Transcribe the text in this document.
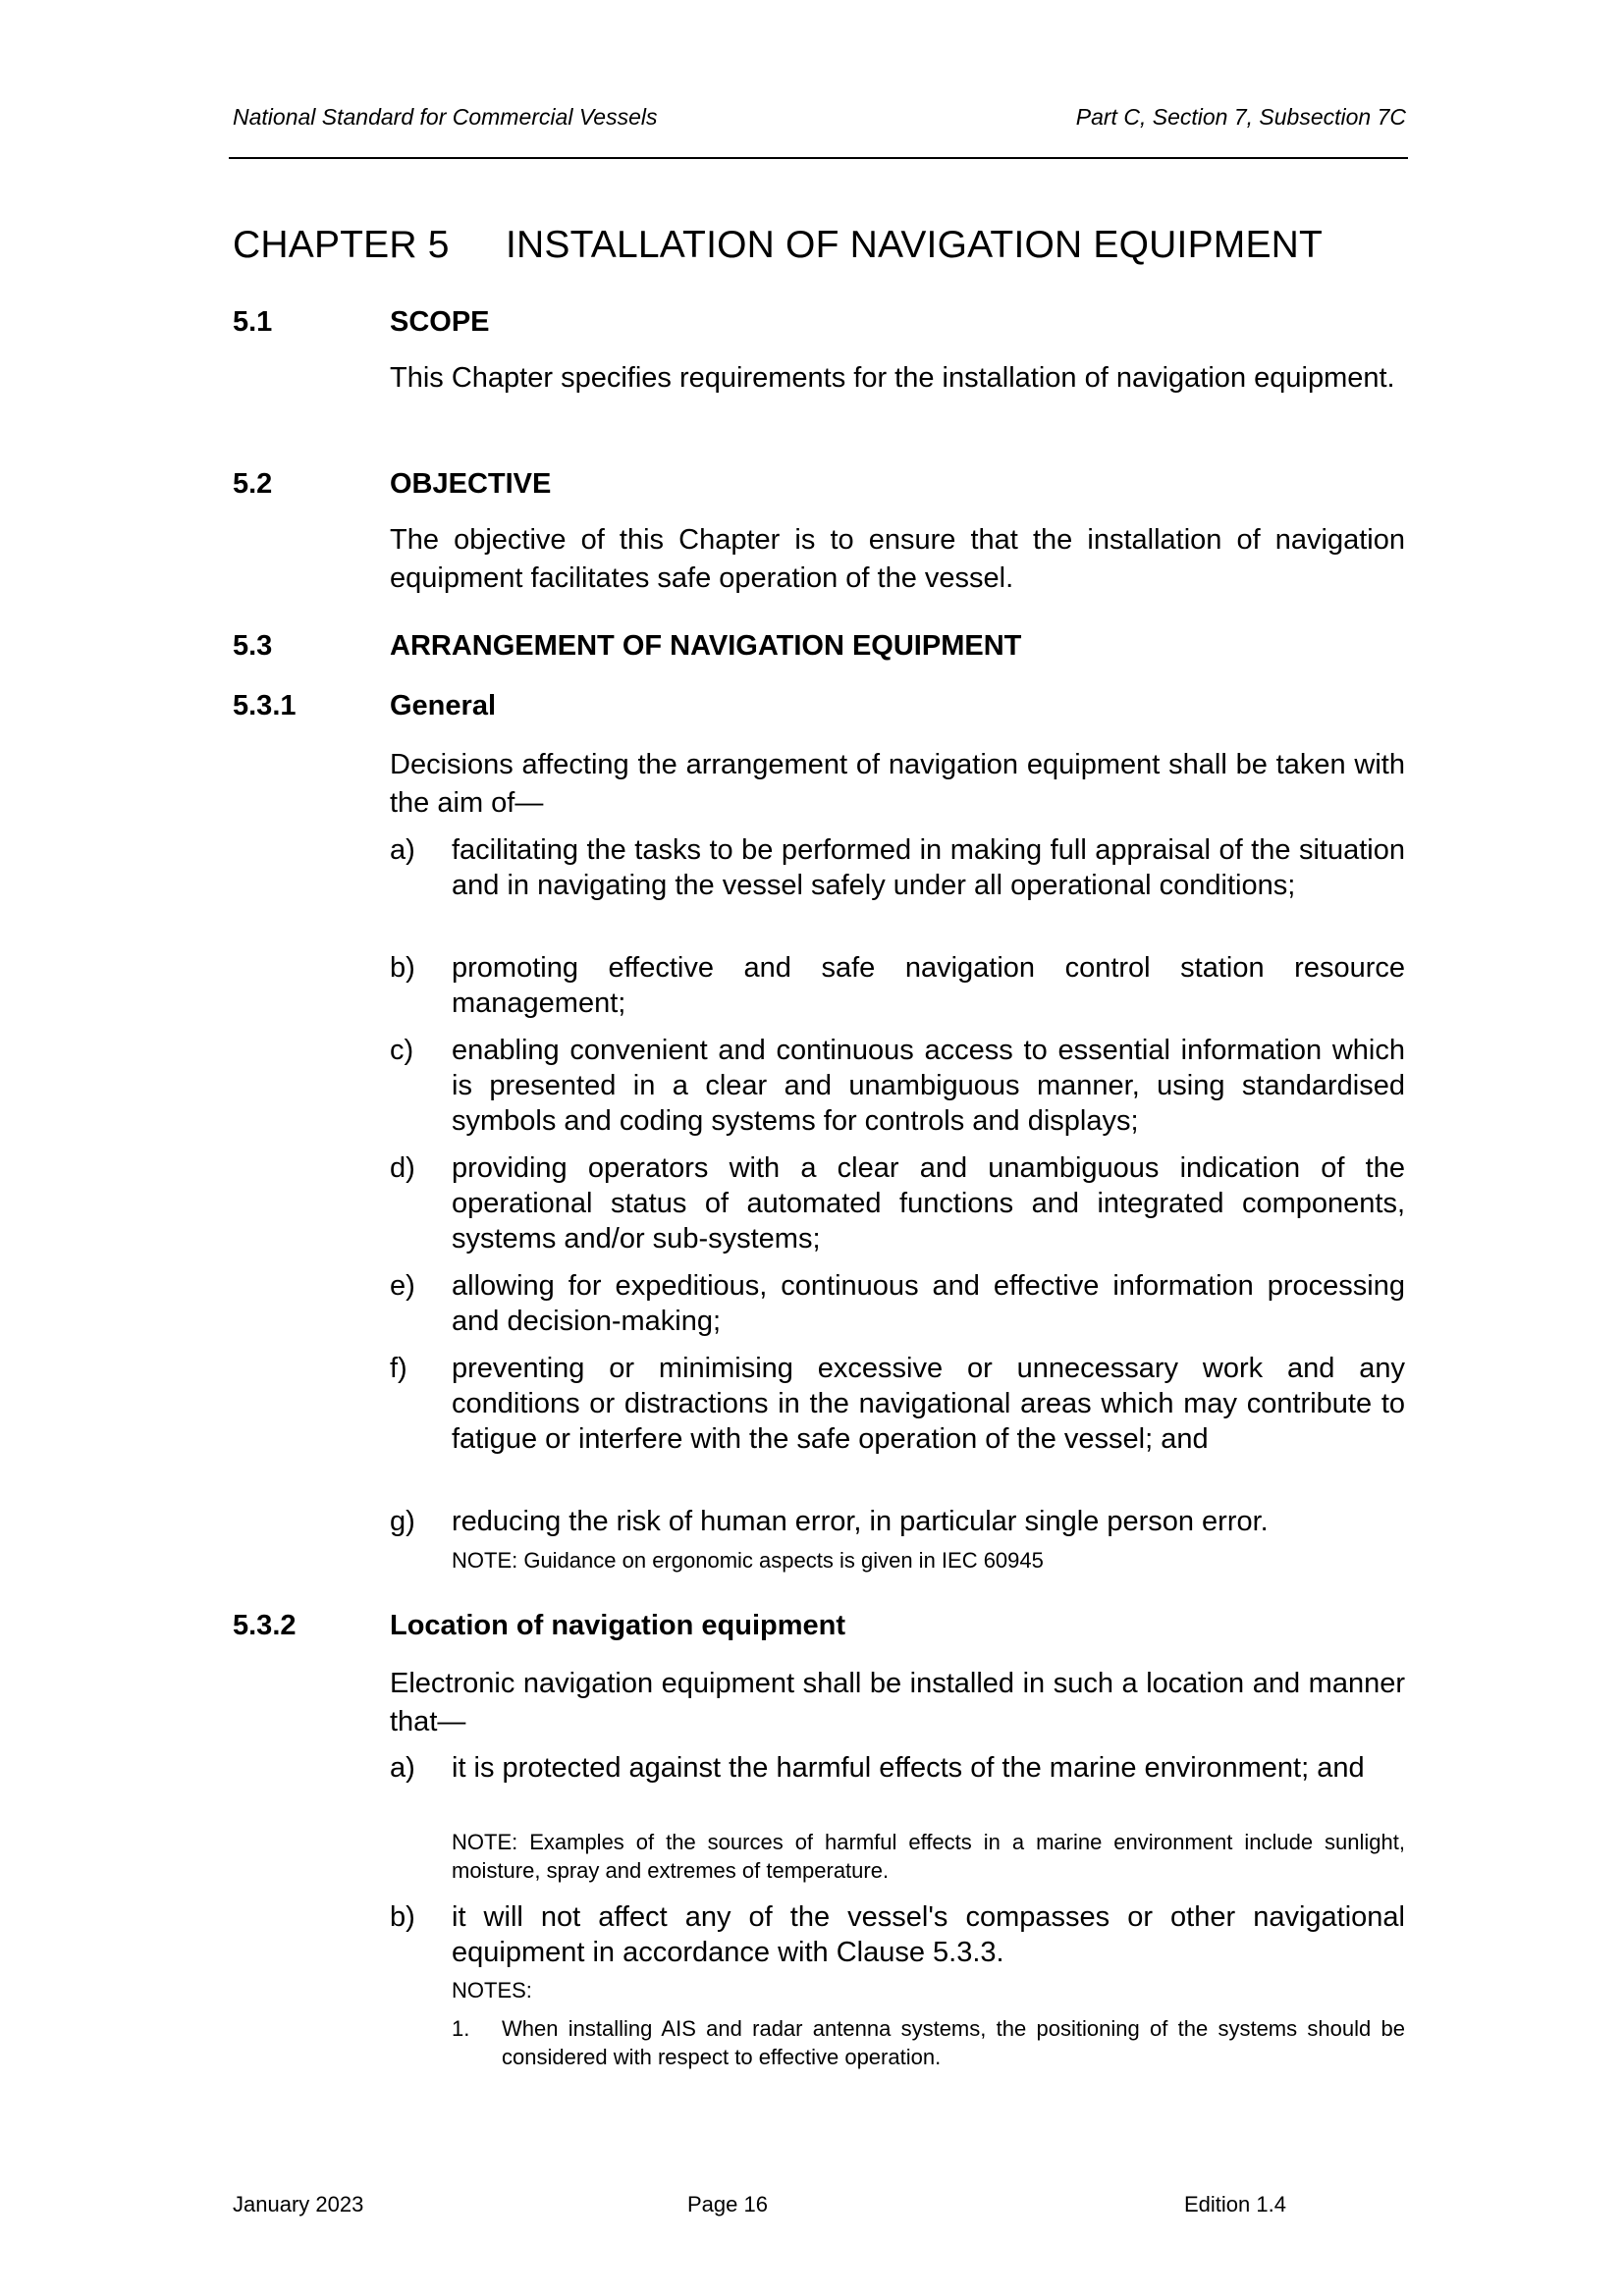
National Standard for Commercial Vessels	Part C, Section 7, Subsection 7C
CHAPTER 5 INSTALLATION OF NAVIGATION EQUIPMENT
5.1	SCOPE
This Chapter specifies requirements for the installation of navigation equipment.
5.2	OBJECTIVE
The objective of this Chapter is to ensure that the installation of navigation equipment facilitates safe operation of the vessel.
5.3	ARRANGEMENT OF NAVIGATION EQUIPMENT
5.3.1	General
Decisions affecting the arrangement of navigation equipment shall be taken with the aim of—
a) facilitating the tasks to be performed in making full appraisal of the situation and in navigating the vessel safely under all operational conditions;
b) promoting effective and safe navigation control station resource management;
c) enabling convenient and continuous access to essential information which is presented in a clear and unambiguous manner, using standardised symbols and coding systems for controls and displays;
d) providing operators with a clear and unambiguous indication of the operational status of automated functions and integrated components, systems and/or sub-systems;
e) allowing for expeditious, continuous and effective information processing and decision-making;
f) preventing or minimising excessive or unnecessary work and any conditions or distractions in the navigational areas which may contribute to fatigue or interfere with the safe operation of the vessel; and
g) reducing the risk of human error, in particular single person error.
NOTE: Guidance on ergonomic aspects is given in IEC 60945
5.3.2	Location of navigation equipment
Electronic navigation equipment shall be installed in such a location and manner that—
a) it is protected against the harmful effects of the marine environment; and
NOTE: Examples of the sources of harmful effects in a marine environment include sunlight, moisture, spray and extremes of temperature.
b) it will not affect any of the vessel's compasses or other navigational equipment in accordance with Clause 5.3.3.
NOTES:
1. When installing AIS and radar antenna systems, the positioning of the systems should be considered with respect to effective operation.
January 2023	Page 16	Edition 1.4
